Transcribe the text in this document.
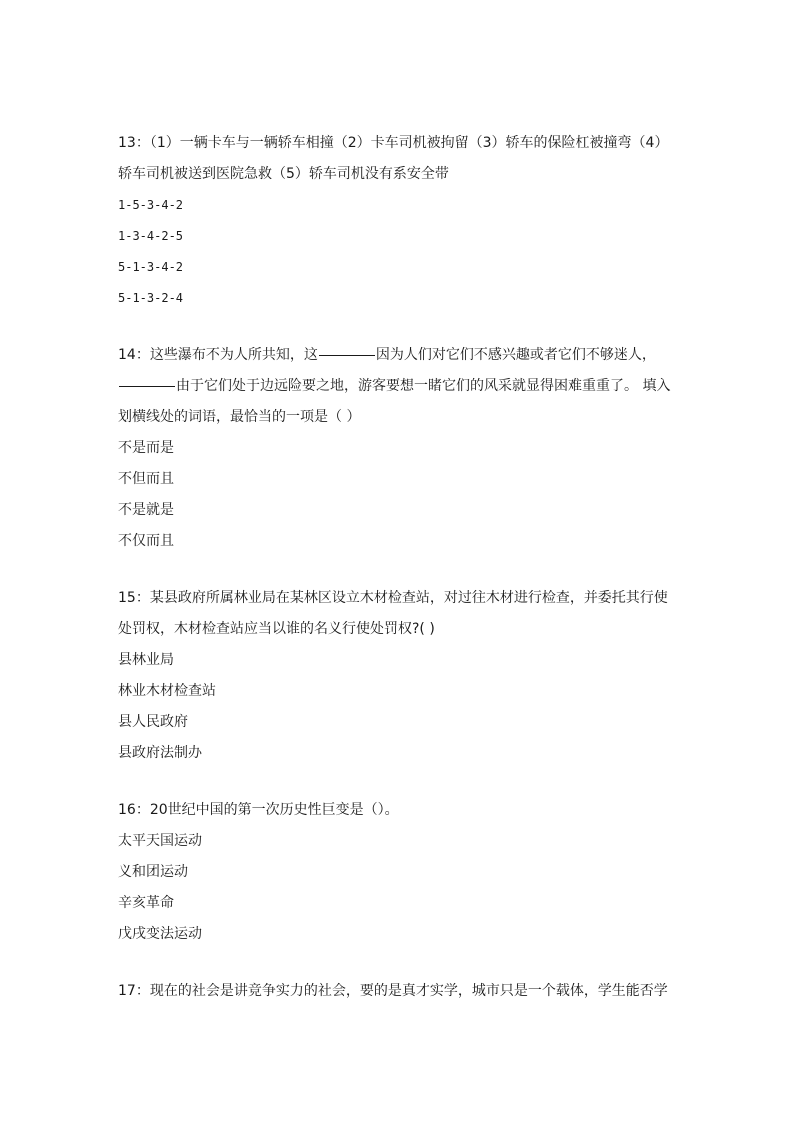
13：（1）一辆卡车与一辆轿车相撞（2）卡车司机被拘留（3）轿车的保险杠被撞弯（4）轿车司机被送到医院急救（5）轿车司机没有系安全带

1-5-3-4-2

1-3-4-2-5

5-1-3-4-2

5-1-3-2-4

14：这些瀑布不为人所共知，这	因为人们对它们不感兴趣或者它们不够迷人，由于它们处于边远险要之地，游客要想一睹它们的风采就显得困难重重了。 填入划横线处的词语，最恰当的一项是（ ）

不是而是

不但而且

不是就是

不仅而且

15：某县政府所属林业局在某林区设立木材检查站，对过往木材进行检查，并委托其行使处罚权，木材检查站应当以谁的名义行使处罚权?( )

县林业局

林业木材检查站

县人民政府

县政府法制办

16：20世纪中国的第一次历史性巨变是（）。

太平天国运动

义和团运动

辛亥革命

戊戌变法运动

17：现在的社会是讲竞争实力的社会，要的是真才实学，城市只是一个载体，学生能否学
